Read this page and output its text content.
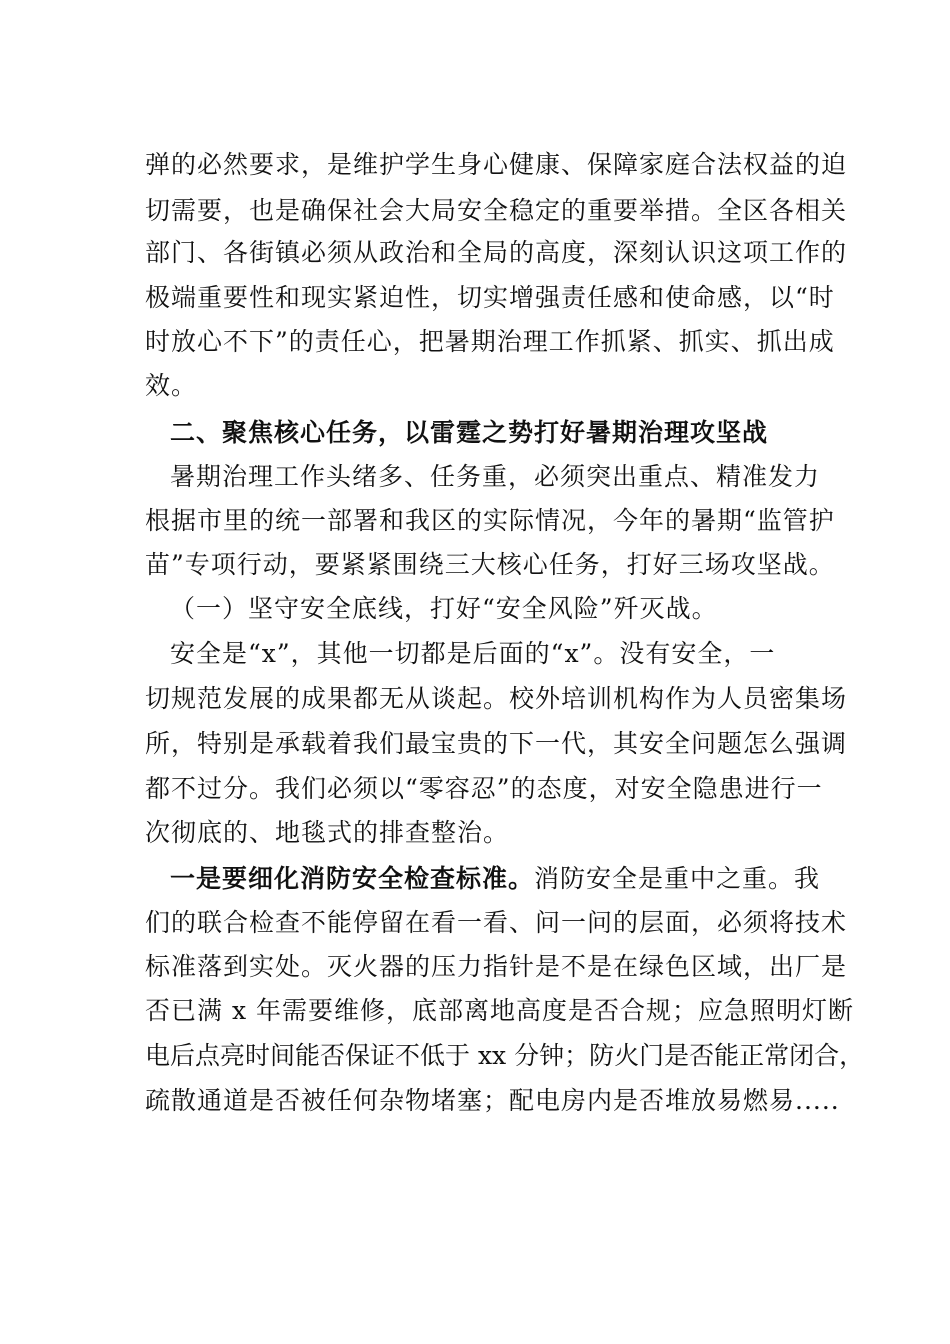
弹的必然要求，是维护学生身心健康、保障家庭合法权益的迫
切需要，也是确保社会大局安全稳定的重要举措。全区各相关
部门、各街镇必须从政治和全局的高度，深刻认识这项工作的
极端重要性和现实紧迫性，切实增强责任感和使命感，以“时
时放心不下”的责任心，把暑期治理工作抓紧、抓实、抓出成
效。
二、聚焦核心任务，以雷霆之势打好暑期治理攻坚战
暑期治理工作头绪多、任务重，必须突出重点、精准发力
根据市里的统一部署和我区的实际情况，今年的暑期“监管护
苗”专项行动，要紧紧围绕三大核心任务，打好三场攻坚战。
（一）坚守安全底线，打好“安全风险”歼灭战。
安全是“x”，其他一切都是后面的“x”。没有安全，一
切规范发展的成果都无从谈起。校外培训机构作为人员密集场
所，特别是承载着我们最宝贵的下一代，其安全问题怎么强调
都不过分。我们必须以“零容忍”的态度，对安全隐患进行一
次彻底的、地毯式的排查整治。
一是要细化消防安全检查标准。消防安全是重中之重。我
们的联合检查不能停留在看一看、问一问的层面，必须将技术
标准落到实处。灭火器的压力指针是不是在绿色区域，出厂是
否已满 x 年需要维修，底部离地高度是否合规；应急照明灯断
电后点亮时间能否保证不低于 xx 分钟；防火门是否能正常闭合，
疏散通道是否被任何杂物堵塞；配电房内是否堆放易燃易.....
